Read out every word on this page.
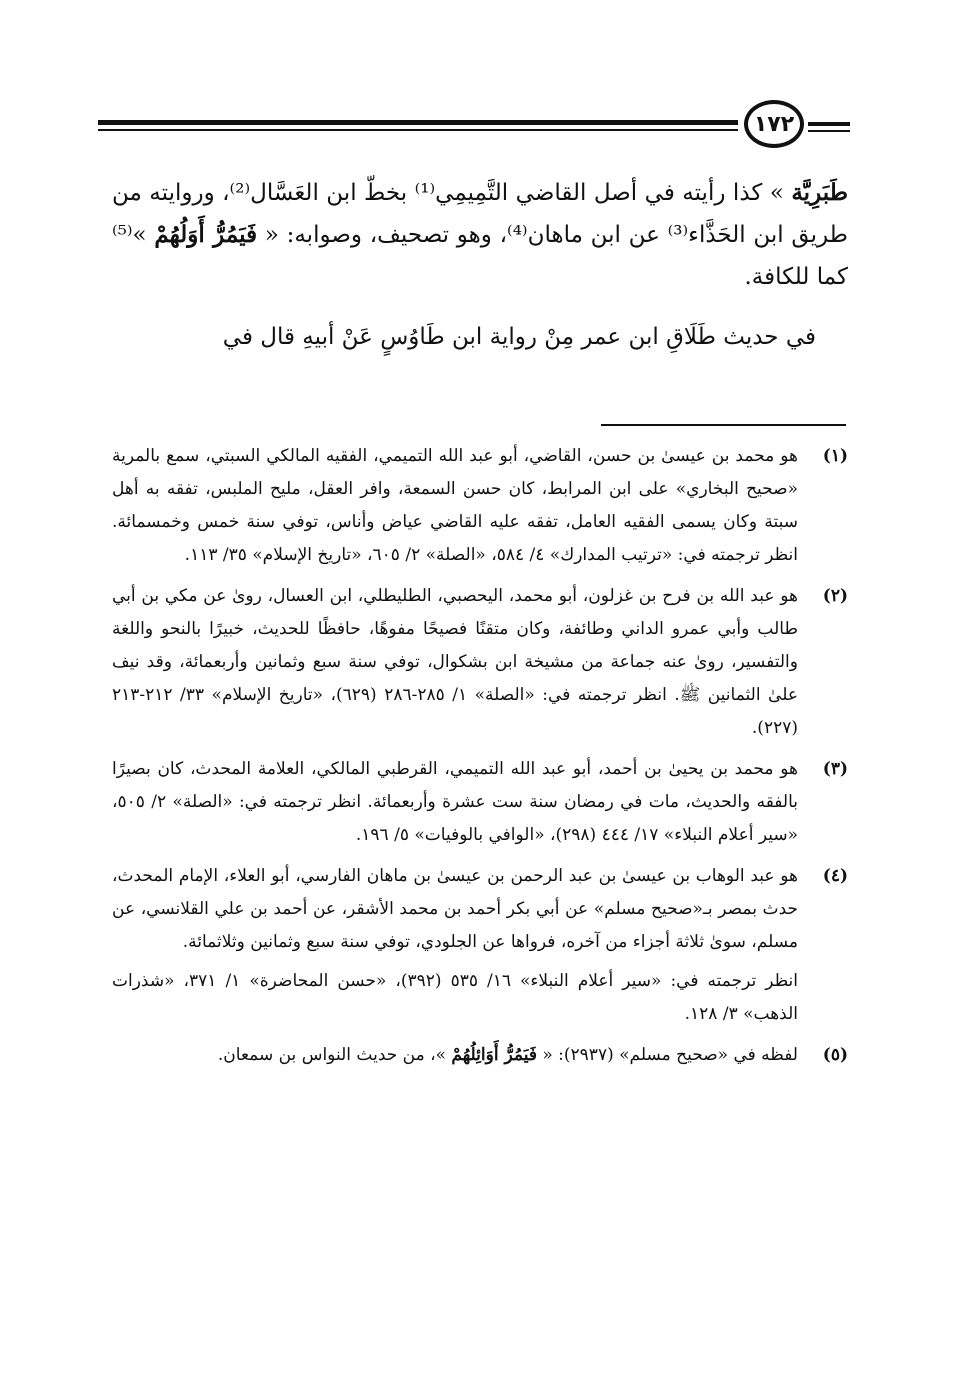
١٧٢

طَبَرِيَّة » كذا رأيته في أصل القاضي التَّمِيمِي⁽¹⁾ بخطّ ابن العَسَّال⁽²⁾، وروايته من طريق ابن الحَذَّاء⁽³⁾ عن ابن ماهان⁽⁴⁾، وهو تصحيف، وصوابه: « فَيَمُرُّ أَوَلُهُمْ »⁽⁵⁾ كما للكافة.

في حديث طَلَاقِ ابن عمر مِنْ رواية ابن طَاوُسٍ عَنْ أبيهِ قال في

(١)

هو محمد بن عيسىٰ بن حسن، القاضي، أبو عبد الله التميمي، الفقيه المالكي السبتي، سمع بالمرية «صحيح البخاري» على ابن المرابط، كان حسن السمعة، وافر العقل، مليح الملبس، تفقه به أهل سبتة وكان يسمى الفقيه العامل، تفقه عليه القاضي عياض وأناس، توفي سنة خمس وخمسمائة. انظر ترجمته في: «ترتيب المدارك» ٤/ ٥٨٤، «الصلة» ٢/ ٦٠٥، «تاريخ الإسلام» ٣٥/ ١١٣.

(٢)

هو عبد الله بن فرح بن غزلون، أبو محمد، اليحصبي، الطليطلي، ابن العسال، روىٰ عن مكي بن أبي طالب وأبي عمرو الداني وطائفة، وكان متقنًا فصيحًا مفوهًا، حافظًا للحديث، خبيرًا بالنحو واللغة والتفسير، روىٰ عنه جماعة من مشيخة ابن بشكوال، توفي سنة سبع وثمانين وأربعمائة، وقد نيف علىٰ الثمانين ﷺ. انظر ترجمته في: «الصلة» ١/ ٢٨٥-٢٨٦ (٦٢٩)، «تاريخ الإسلام» ٣٣/ ٢١٢-٢١٣ (٢٢٧).

(٣)

هو محمد بن يحيىٰ بن أحمد، أبو عبد الله التميمي، القرطبي المالكي، العلامة المحدث، كان بصيرًا بالفقه والحديث، مات في رمضان سنة ست عشرة وأربعمائة. انظر ترجمته في: «الصلة» ٢/ ٥٠٥، «سير أعلام النبلاء» ١٧/ ٤٤٤ (٢٩٨)، «الوافي بالوفيات» ٥/ ١٩٦.

(٤)

هو عبد الوهاب بن عيسىٰ بن عبد الرحمن بن عيسىٰ بن ماهان الفارسي، أبو العلاء، الإمام المحدث، حدث بمصر بـ«صحيح مسلم» عن أبي بكر أحمد بن محمد الأشقر، عن أحمد بن علي القلانسي، عن مسلم، سوىٰ ثلاثة أجزاء من آخره، فرواها عن الجلودي، توفي سنة سبع وثمانين وثلاثمائة.

انظر ترجمته في: «سير أعلام النبلاء» ١٦/ ٥٣٥ (٣٩٢)، «حسن المحاضرة» ١/ ٣٧١، «شذرات الذهب» ٣/ ١٢٨.

(٥)

لفظه في «صحيح مسلم» (٢٩٣٧): « فَيَمُرُّ أَوَائِلُهُمْ »، من حديث النواس بن سمعان.
